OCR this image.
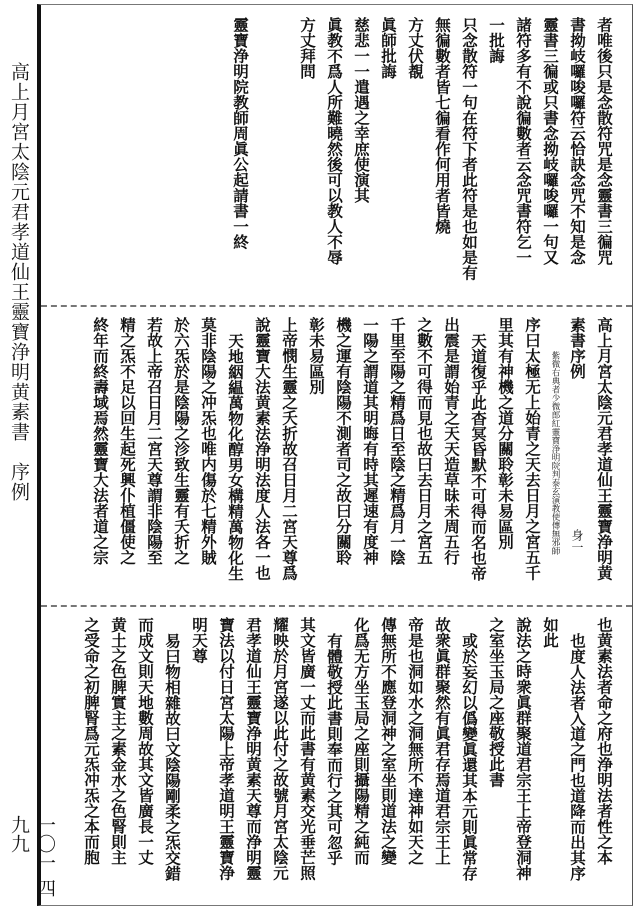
高上月宮太陰元君孝道仙王靈寶浄明黄素書　序例
一〇一 四九九
者唯後只是念散符咒是念靈書三徧咒
書拗岐囉唆囉符云恰訣念咒不知是念
靈書三徧或只書念拗岐囉唆囉一句又
諸符多有不說徧數者云念咒書符乞一
一批誨
只念散符一句在符下者此符是也如是有
無徧數者皆七徧看作何用者皆燒
方丈伏覩
眞師批誨
慈悲一一遣遇之幸庶使演其
眞教不爲人所難曉然後可以教人不辱
方丈拜問
靈寶浄明院教師周眞公起請書一終
高上月宮太陰元君孝道仙王靈寶浄明黄
素書序例身一
紫微右典者少微郎紅靈寶浄明院判泰玄演教使傳無邪師
序曰太極无上始青之天去日月之宮五千
里其有神機之道分關聆彰未易區別
天道復乎此杳冥昏默不可得而名也帝
出震是謂始青之天天造草昧未周五行
之數不可得而見也故曰去日月之宮五
千里至陽之精爲日至陰之精爲月一陰
一陽之謂道其明晦有時其遲速有度神
機之運有陰陽不測者司之故曰分關聆
彰未易區別
上帝憫生靈之夭折故召日月二宮天尊爲
說靈寶大法黄素法浄明法度人法各一也
天地絪緼萬物化醇男女構精萬物化生
莫非陰陽之冲炁也唯内傷於七精外賊
於六炁於是陰陽之沴致生靈有夭折之
若故上帝召日月二宮天尊謂非陰陽至
精之炁不足以回生起死興仆植僵使之
終年而終壽域焉然靈寶大法者道之宗
也黄素法者命之府也浄明法者性之本
也度人法者入道之門也道降而出其序
如此
說法之時衆眞群聚道君宗王上帝登洞神
之室坐玉局之座敬授此書
或於妄幻以僞變眞還其本元則眞常存
故衆眞群聚然有眞君存焉道君宗王上
帝是也洞如水之洞無所不達神如天之
傳無所不應登洞神之室坐則道法之變
化爲无方坐玉局之座則攝陽精之純而
有體敬授此書則奉而行之其可忽乎
其文皆廣一丈而此書有黄素交光垂芒照
耀映於月宮遂以此付之故號月宮太陰元
君孝道仙王靈寶浄明黄素天尊而浄明靈
寶法以付日宮太陽上帝孝道明王靈寶浄
明天尊
易曰物相雜故曰文陰陽剛柔之炁交錯
而成文則天地數周故其文皆廣長一丈
黄土之色脾實主之素金水之色腎則主
之受命之初脾腎爲元炁冲炁之本而胞
